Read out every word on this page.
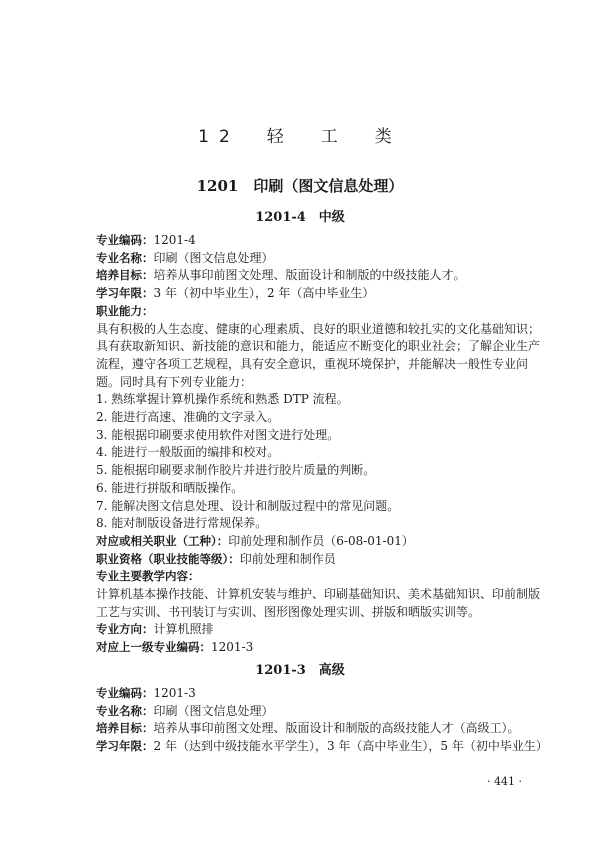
12　轻　工　类
1201　印刷（图文信息处理）
1201-4　中级
专业编码：1201-4
专业名称：印刷（图文信息处理）
培养目标：培养从事印前图文处理、版面设计和制版的中级技能人才。
学习年限：3 年（初中毕业生），2 年（高中毕业生）
职业能力：
具有积极的人生态度、健康的心理素质、良好的职业道德和较扎实的文化基础知识；具有获取新知识、新技能的意识和能力，能适应不断变化的职业社会；了解企业生产流程，遵守各项工艺规程，具有安全意识，重视环境保护，并能解决一般性专业问题。同时具有下列专业能力：
1. 熟练掌握计算机操作系统和熟悉 DTP 流程。
2. 能进行高速、准确的文字录入。
3. 能根据印刷要求使用软件对图文进行处理。
4. 能进行一般版面的编排和校对。
5. 能根据印刷要求制作胶片并进行胶片质量的判断。
6. 能进行拼版和晒版操作。
7. 能解决图文信息处理、设计和制版过程中的常见问题。
8. 能对制版设备进行常规保养。
对应或相关职业（工种）：印前处理和制作员（6-08-01-01）
职业资格（职业技能等级）：印前处理和制作员
专业主要教学内容：
计算机基本操作技能、计算机安装与维护、印刷基础知识、美术基础知识、印前制版工艺与实训、书刊装订与实训、图形图像处理实训、拼版和晒版实训等。
专业方向：计算机照排
对应上一级专业编码：1201-3
1201-3　高级
专业编码：1201-3
专业名称：印刷（图文信息处理）
培养目标：培养从事印前图文处理、版面设计和制版的高级技能人才（高级工）。
学习年限：2 年（达到中级技能水平学生），3 年（高中毕业生），5 年（初中毕业生）
· 441 ·
